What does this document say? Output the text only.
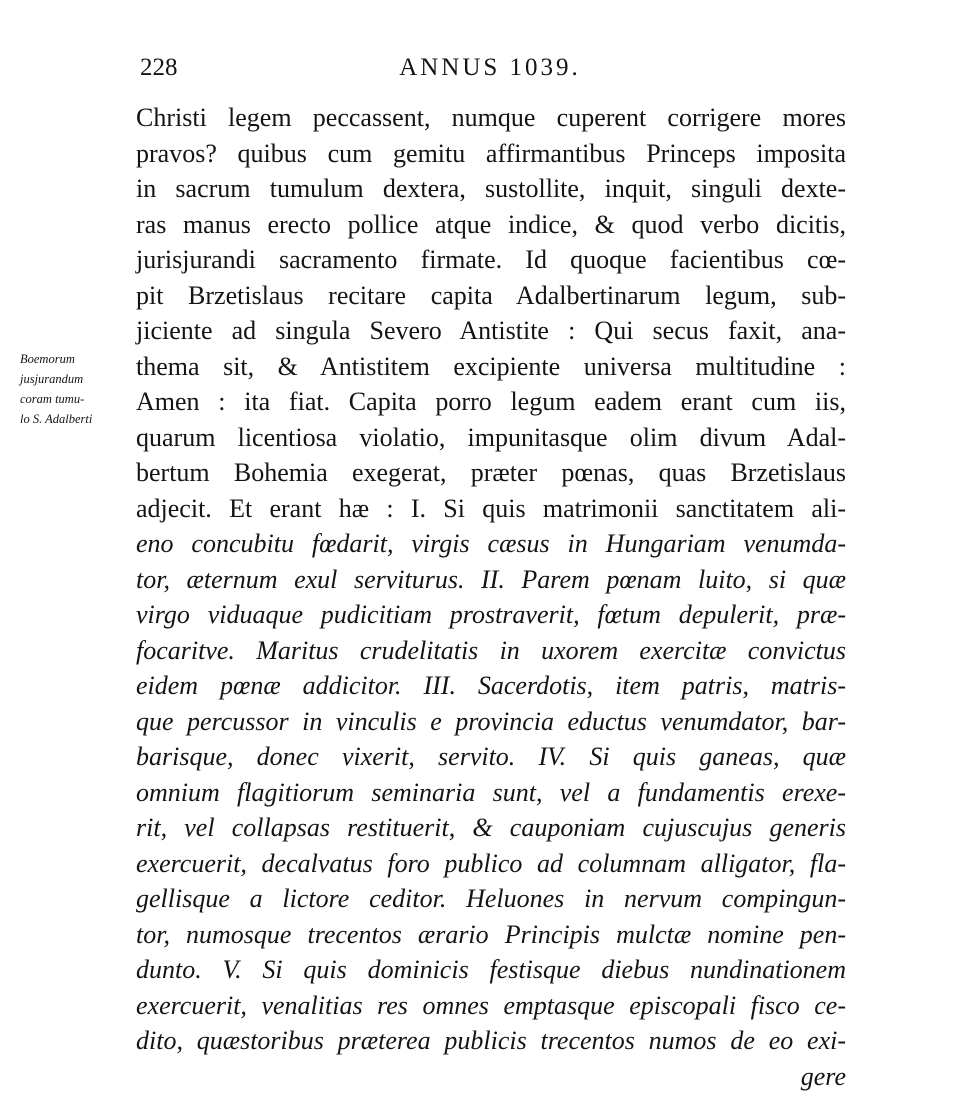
228	ANNUS 1039.
Boemorum
jusjurandum
coram tumu-
lo S. Adalberti
Christi legem peccassent, numque cuperent corrigere mores
pravos? quibus cum gemitu affirmantibus Princeps imposita
in sacrum tumulum dextera, sustollite, inquit, singuli dexte-
ras manus erecto pollice atque indice, & quod verbo dicitis,
jurisjurandi sacramento firmate. Id quoque facientibus cœ-
pit Brzetislaus recitare capita Adalbertinarum legum, sub-
jiciente ad singula Severo Antistite : Qui secus faxit, ana-
thema sit, & Antistitem excipiente universa multitudine :
Amen : ita fiat. Capita porro legum eadem erant cum iis,
quarum licentiosa violatio, impunitasque olim divum Adal-
bertum Bohemia exegerat, præter pœnas, quas Brzetislaus
adjecit. Et erant hæ : I. Si quis matrimonii sanctitatem ali-
eno concubitu fœdarit, virgis cæsus in Hungariam venumda-
tor, æternum exul serviturus. II. Parem pœnam luito, si quæ
virgo viduaque pudicitiam prostraverit, fœtum depulerit, præ-
focaritve. Maritus crudelitatis in uxorem exercitæ convictus
eidem pœnæ addicitor. III. Sacerdotis, item patris, matris-
que percussor in vinculis e provincia eductus venumdator, bar-
barisque, donec vixerit, servito. IV. Si quis ganeas, quæ
omnium flagitiorum seminaria sunt, vel a fundamentis erexe-
rit, vel collapsas restituerit, & cauponiam cujuscujus generis
exercuerit, decalvatus foro publico ad columnam alligator, fla-
gellisque a lictore ceditor. Heluones in nervum compingun-
tor, numosque trecentos ærario Principis mulctæ nomine pen-
dunto. V. Si quis dominicis festisque diebus nundinationem
exercuerit, venalitias res omnes emptasque episcopali fisco ce-
dito, quæstoribus præterea publicis trecentos numos de eo exi-
gere
